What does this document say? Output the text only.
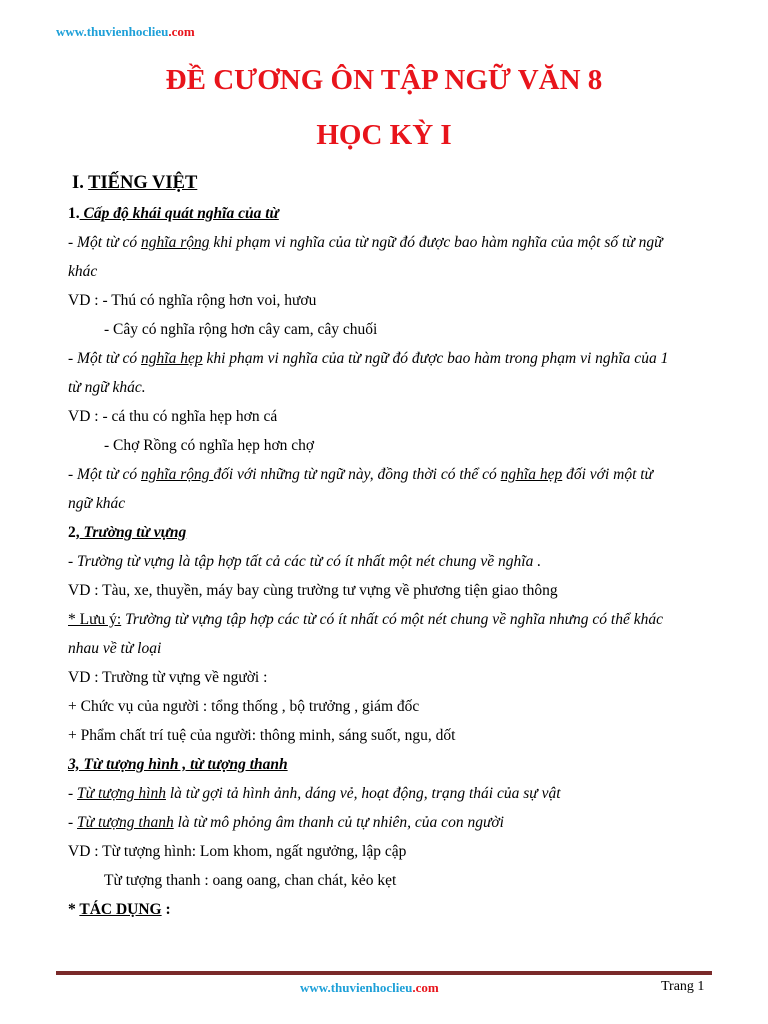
www.thuvienhoclieu.com
ĐỀ CƯƠNG ÔN TẬP NGỮ VĂN 8
HỌC KỲ I
I. TIẾNG VIỆT
1. Cấp độ khái quát nghĩa của từ
- Một từ có nghĩa rộng khi phạm vi nghĩa của từ ngữ đó được bao hàm nghĩa của một số từ ngữ
khác
VD : - Thú có nghĩa rộng hơn voi, hươu
- Cây có nghĩa rộng hơn cây cam, cây chuối
- Một từ có nghĩa hẹp khi phạm vi nghĩa của từ ngữ đó được bao hàm trong phạm vi nghĩa của 1
từ ngữ khác.
VD : - cá thu có nghĩa hẹp hơn cá
- Chợ Rồng có nghĩa hẹp hơn chợ
- Một từ có nghĩa rộng đối với những từ ngữ này, đồng thời có thể có nghĩa hẹp đối với một từ
ngữ khác
2, Trường từ vựng
- Trường từ vựng là tập hợp tất cả các từ có ít nhất một nét chung về nghĩa .
VD : Tàu, xe, thuyền, máy bay cùng trường tư vựng về phương tiện giao thông
* Lưu ý: Trường từ vựng tập hợp các từ có ít nhất có một nét chung về nghĩa nhưng có thể khác
nhau về từ loại
VD : Trường từ vựng về người :
+ Chức vụ của người : tổng thống , bộ trưởng , giám đốc
+ Phẩm chất trí tuệ của người: thông minh, sáng suốt, ngu, dốt
3, Từ tượng hình , từ tượng thanh
- Từ tượng hình là từ gợi tả hình ảnh, dáng vẻ, hoạt động, trạng thái của sự vật
- Từ tượng thanh là từ mô phỏng âm thanh củ tự nhiên, của con người
VD : Từ tượng hình: Lom khom, ngất ngưởng, lập cập
Từ tượng thanh : oang oang, chan chát, kẻo kẹt
* TÁC DỤNG :
www.thuvienhoclieu.com	Trang 1
